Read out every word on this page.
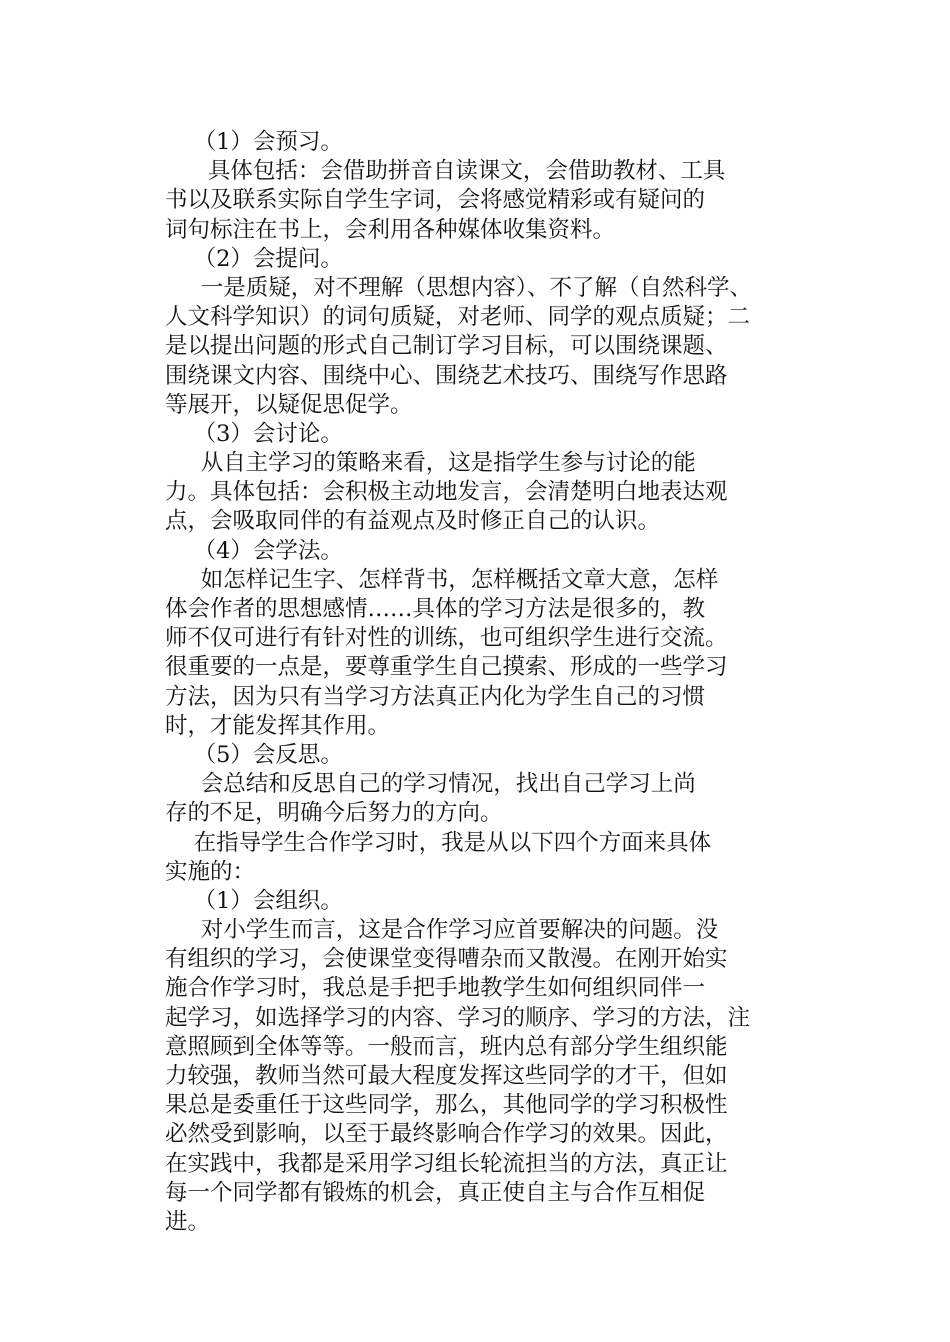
（1）会预习。
具体包括：会借助拼音自读课文，会借助教材、工具
书以及联系实际自学生字词，会将感觉精彩或有疑问的
词句标注在书上，会利用各种媒体收集资料。
（2）会提问。
一是质疑，对不理解（思想内容）、不了解（自然科学、
人文科学知识）的词句质疑，对老师、同学的观点质疑；二
是以提出问题的形式自己制订学习目标，可以围绕课题、
围绕课文内容、围绕中心、围绕艺术技巧、围绕写作思路
等展开，以疑促思促学。
（3）会讨论。
从自主学习的策略来看，这是指学生参与讨论的能
力。具体包括：会积极主动地发言，会清楚明白地表达观
点，会吸取同伴的有益观点及时修正自己的认识。
（4）会学法。
如怎样记生字、怎样背书，怎样概括文章大意，怎样
体会作者的思想感情……具体的学习方法是很多的，教
师不仅可进行有针对性的训练，也可组织学生进行交流。
很重要的一点是，要尊重学生自己摸索、形成的一些学习
方法，因为只有当学习方法真正内化为学生自己的习惯
时，才能发挥其作用。
（5）会反思。
会总结和反思自己的学习情况，找出自己学习上尚
存的不足，明确今后努力的方向。
在指导学生合作学习时，我是从以下四个方面来具体
实施的：
（1）会组织。
对小学生而言，这是合作学习应首要解决的问题。没
有组织的学习，会使课堂变得嘈杂而又散漫。在刚开始实
施合作学习时，我总是手把手地教学生如何组织同伴一
起学习，如选择学习的内容、学习的顺序、学习的方法，注
意照顾到全体等等。一般而言，班内总有部分学生组织能
力较强，教师当然可最大程度发挥这些同学的才干，但如
果总是委重任于这些同学，那么，其他同学的学习积极性
必然受到影响，以至于最终影响合作学习的效果。因此，
在实践中，我都是采用学习组长轮流担当的方法，真正让
每一个同学都有锻炼的机会，真正使自主与合作互相促
进。
